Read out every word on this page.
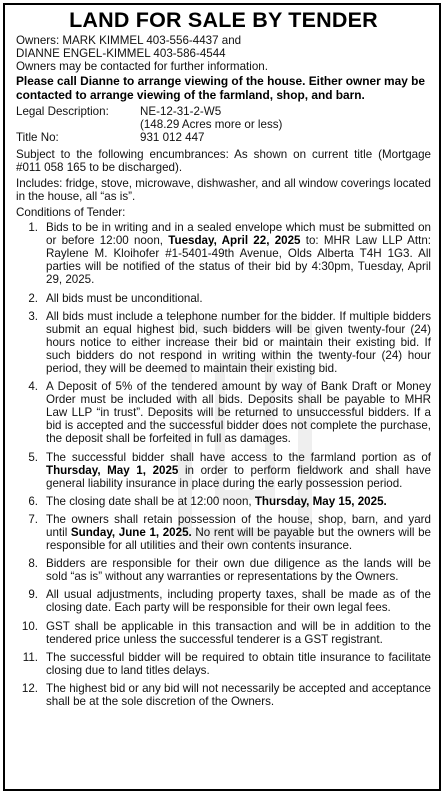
LAND FOR SALE BY TENDER

Owners: MARK KIMMEL 403-556-4437 and

DIANNE ENGEL-KIMMEL 403-586-4544

Owners may be contacted for further information.

Please call Dianne to arrange viewing of the house. Either owner may be contacted to arrange viewing of the farmland, shop, and barn.

Legal Description:	NE-12-31-2-W5
(148.29 Acres more or less)
Title No:	931 012 447

Subject to the following encumbrances: As shown on current title (Mortgage #011 058 165 to be discharged).

Includes: fridge, stove, microwave, dishwasher, and all window coverings located in the house, all “as is”.

Conditions of Tender:

1. Bids to be in writing and in a sealed envelope which must be submitted on or before 12:00 noon, Tuesday, April 22, 2025 to: MHR Law LLP Attn: Raylene M. Kloihofer #1-5401-49th Avenue, Olds Alberta T4H 1G3. All parties will be notified of the status of their bid by 4:30pm, Tuesday, April 29, 2025.
2. All bids must be unconditional.
3. All bids must include a telephone number for the bidder. If multiple bidders submit an equal highest bid, such bidders will be given twenty-four (24) hours notice to either increase their bid or maintain their existing bid. If such bidders do not respond in writing within the twenty-four (24) hour period, they will be deemed to maintain their existing bid.
4. A Deposit of 5% of the tendered amount by way of Bank Draft or Money Order must be included with all bids. Deposits shall be payable to MHR Law LLP “in trust”. Deposits will be returned to unsuccessful bidders. If a bid is accepted and the successful bidder does not complete the purchase, the deposit shall be forfeited in full as damages.
5. The successful bidder shall have access to the farmland portion as of Thursday, May 1, 2025 in order to perform fieldwork and shall have general liability insurance in place during the early possession period.
6. The closing date shall be at 12:00 noon, Thursday, May 15, 2025.
7. The owners shall retain possession of the house, shop, barn, and yard until Sunday, June 1, 2025. No rent will be payable but the owners will be responsible for all utilities and their own contents insurance.
8. Bidders are responsible for their own due diligence as the lands will be sold “as is” without any warranties or representations by the Owners.
9. All usual adjustments, including property taxes, shall be made as of the closing date. Each party will be responsible for their own legal fees.
10. GST shall be applicable in this transaction and will be in addition to the tendered price unless the successful tenderer is a GST registrant.
11. The successful bidder will be required to obtain title insurance to facilitate closing due to land titles delays.
12. The highest bid or any bid will not necessarily be accepted and acceptance shall be at the sole discretion of the Owners.
